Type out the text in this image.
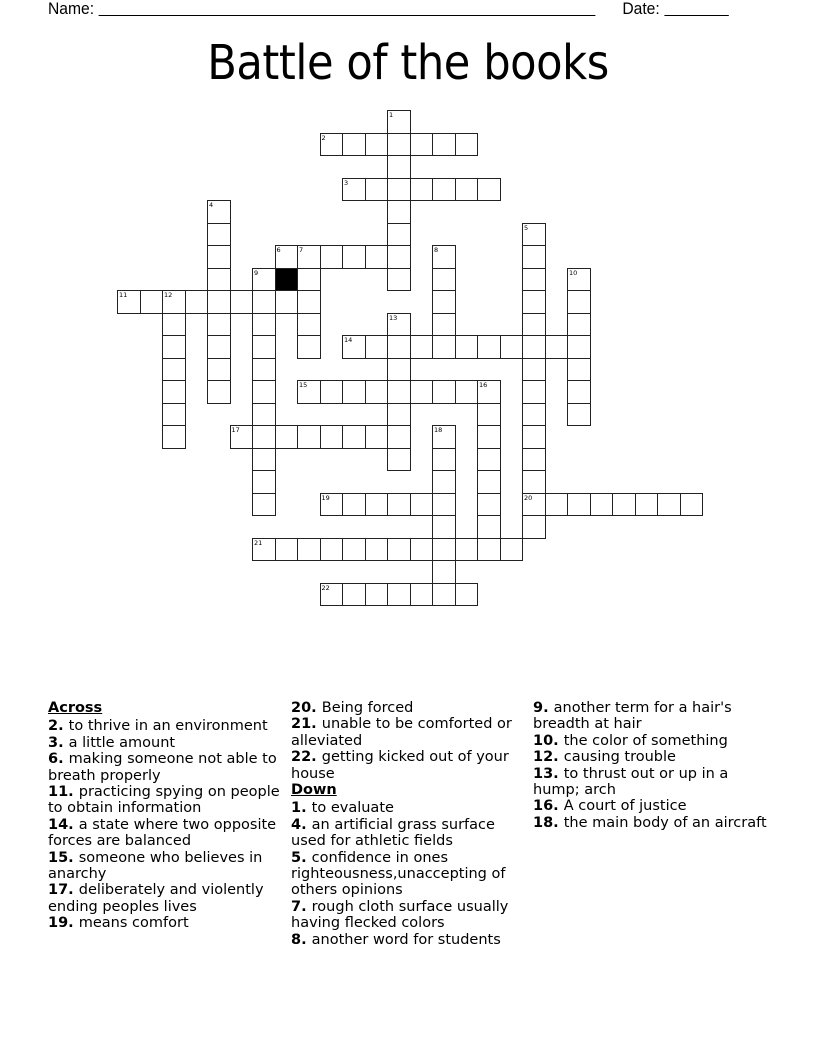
Name:	Date:
Battle of the books
1
2
3
4
5
20
6	7	8
9	10
11	12
13
14
15	16
17	18
19
21
22
Across
2. to thrive in an environment
3. a little amount
6. making someone not able to breath properly
11. practicing spying on people to obtain information
14. a state where two opposite forces are balanced
15. someone who believes in anarchy
17. deliberately and violently ending peoples lives
19. means comfort
20. Being forced
21. unable to be comforted or alleviated
22. getting kicked out of your house
Down
1. to evaluate
4. an artificial grass surface used for athletic fields
5. confidence in ones righteousness,unaccepting of others opinions
7. rough cloth surface usually having flecked colors
8. another word for students
9. another term for a hair's breadth at hair
10. the color of something
12. causing trouble
13. to thrust out or up in a hump; arch
16. A court of justice
18. the main body of an aircraft
